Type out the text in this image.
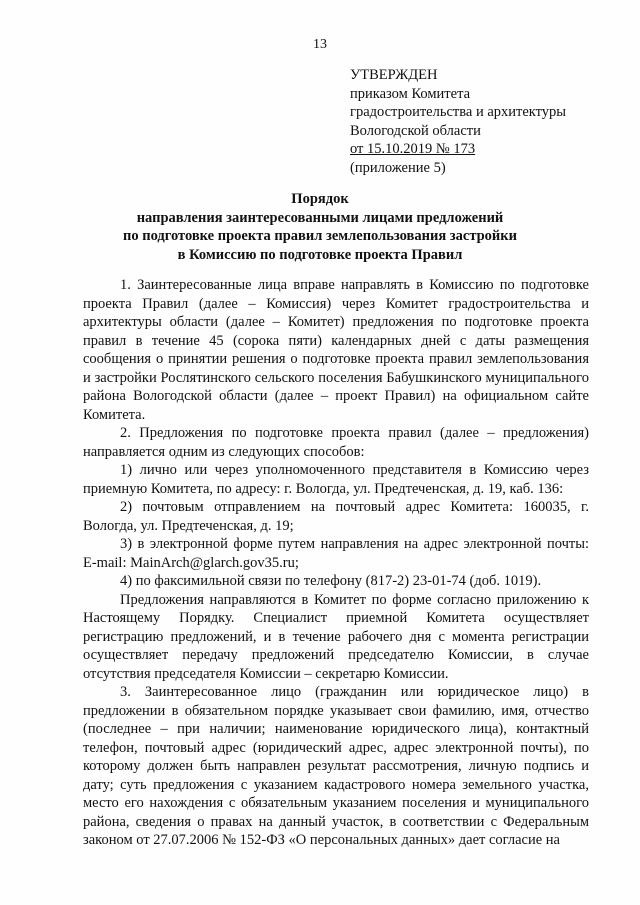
13
УТВЕРЖДЕН
приказом Комитета
градостроительства и архитектуры
Вологодской области
от 15.10.2019 № 173
(приложение 5)
Порядок
направления заинтересованными лицами предложений
по подготовке проекта правил землепользования застройки
в Комиссию по подготовке проекта Правил

1. Заинтересованные лица вправе направлять в Комиссию по подготовке проекта Правил (далее – Комиссия) через Комитет градостроительства и архитектуры области (далее – Комитет) предложения по подготовке проекта правил в течение 45 (сорока пяти) календарных дней с даты размещения сообщения о принятии решения о подготовке проекта правил землепользования и застройки Рослятинского сельского поселения Бабушкинского муниципального района Вологодской области (далее – проект Правил) на официальном сайте Комитета.

2. Предложения по подготовке проекта правил (далее – предложения) направляется одним из следующих способов:

1) лично или через уполномоченного представителя в Комиссию через приемную Комитета, по адресу: г. Вологда, ул. Предтеченская, д. 19, каб. 136:

2) почтовым отправлением на почтовый адрес Комитета: 160035, г. Вологда, ул. Предтеченская, д. 19;

3) в электронной форме путем направления на адрес электронной почты: E-mail: MainArch@glarch.gov35.ru;

4) по факсимильной связи по телефону (817-2) 23-01-74 (доб. 1019).

Предложения направляются в Комитет по форме согласно приложению к Настоящему Порядку. Специалист приемной Комитета осуществляет регистрацию предложений, и в течение рабочего дня с момента регистрации осуществляет передачу предложений председателю Комиссии, в случае отсутствия председателя Комиссии – секретарю Комиссии.

3. Заинтересованное лицо (гражданин или юридическое лицо) в предложении в обязательном порядке указывает свои фамилию, имя, отчество (последнее – при наличии; наименование юридического лица), контактный телефон, почтовый адрес (юридический адрес, адрес электронной почты), по которому должен быть направлен результат рассмотрения, личную подпись и дату; суть предложения с указанием кадастрового номера земельного участка, место его нахождения с обязательным указанием поселения и муниципального района, сведения о правах на данный участок, в соответствии с Федеральным законом от 27.07.2006 № 152-ФЗ «О персональных данных» дает согласие на
